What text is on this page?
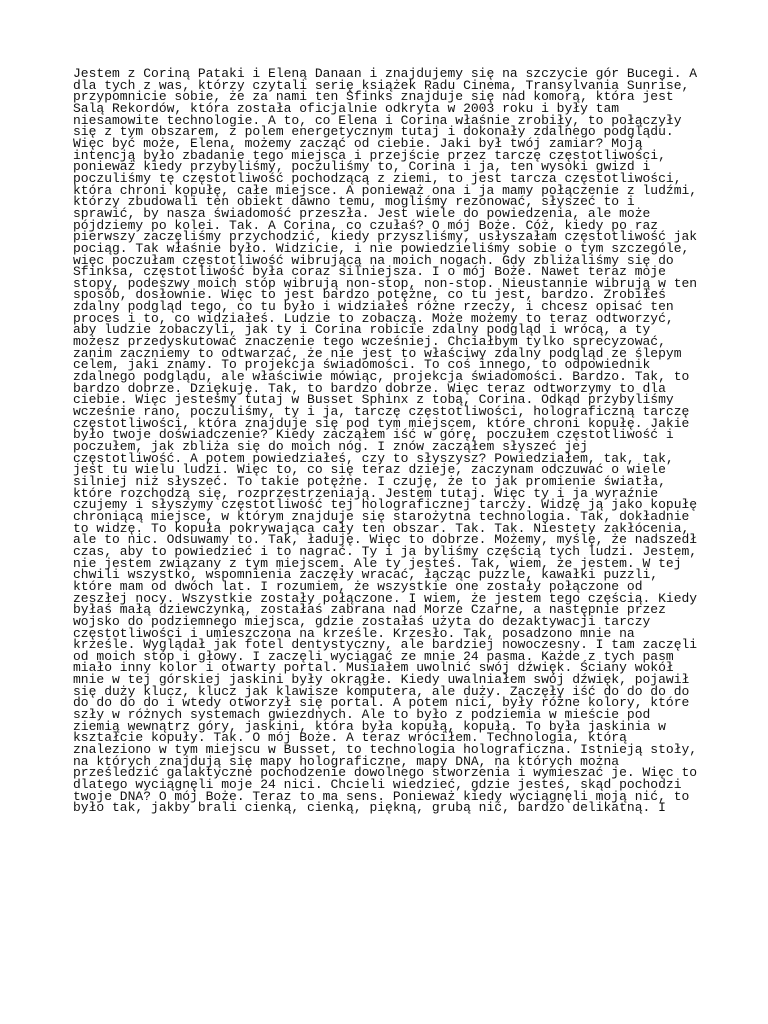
Jestem z Coriną Pataki i Eleną Danaan i znajdujemy się na szczycie gór Bucegi. A
dla tych z was, którzy czytali serię książek Radu Cinema, Transylvania Sunrise,
przypomnicie sobie, że za nami ten Sfinks znajduje się nad komorą, która jest
Salą Rekordów, która została oficjalnie odkryta w 2003 roku i były tam
niesamowite technologie. A to, co Elena i Corina właśnie zrobiły, to połączyły
się z tym obszarem, z polem energetycznym tutaj i dokonały zdalnego podglądu.
Więc być może, Elena, możemy zacząć od ciebie. Jaki był twój zamiar? Moją
intencją było zbadanie tego miejsca i przejście przez tarczę częstotliwości,
ponieważ kiedy przybyliśmy, poczuliśmy to, Corina i ja, ten wysoki gwizd i
poczuliśmy tę częstotliwość pochodzącą z ziemi, to jest tarcza częstotliwości,
która chroni kopułę, całe miejsce. A ponieważ ona i ja mamy połączenie z ludźmi,
którzy zbudowali ten obiekt dawno temu, mogliśmy rezonować, słyszeć to i
sprawić, by nasza świadomość przeszła. Jest wiele do powiedzenia, ale może
pójdziemy po kolei. Tak. A Corina, co czułaś? O mój Boże. Cóż, kiedy po raz
pierwszy zaczęliśmy przychodzić, kiedy przyszliśmy, usłyszałam częstotliwość jak
pociąg. Tak właśnie było. Widzicie, i nie powiedzieliśmy sobie o tym szczególe,
więc poczułam częstotliwość wibrującą na moich nogach. Gdy zbliżaliśmy się do
Sfinksa, częstotliwość była coraz silniejsza. I o mój Boże. Nawet teraz moje
stopy, podeszwy moich stóp wibrują non-stop, non-stop. Nieustannie wibrują w ten
sposób, dosłownie. Więc to jest bardzo potężne, co tu jest, bardzo. Zrobiłeś
zdalny podgląd tego, co tu było i widziałeś różne rzeczy, i chcesz opisać ten
proces i to, co widziałeś. Ludzie to zobaczą. Może możemy to teraz odtworzyć,
aby ludzie zobaczyli, jak ty i Corina robicie zdalny podgląd i wrócą, a ty
możesz przedyskutować znaczenie tego wcześniej. Chciałbym tylko sprecyzować,
zanim zaczniemy to odtwarzać, że nie jest to właściwy zdalny podgląd ze ślepym
celem, jaki znamy. To projekcja świadomości. To coś innego, to odpowiednik
zdalnego podglądu, ale właściwie mówiąc, projekcja świadomości. Bardzo. Tak, to
bardzo dobrze. Dziękuję. Tak, to bardzo dobrze. Więc teraz odtworzymy to dla
ciebie. Więc jesteśmy tutaj w Busset Sphinx z tobą, Corina. Odkąd przybyliśmy
wcześnie rano, poczuliśmy, ty i ja, tarczę częstotliwości, holograficzną tarczę
częstotliwości, która znajduje się pod tym miejscem, które chroni kopułę. Jakie
było twoje doświadczenie? Kiedy zacząłem iść w górę, poczułem częstotliwość i
poczułem, jak zbliża się do moich nóg. I znów zacząłem słyszeć jej
częstotliwość. A potem powiedziałeś, czy to słyszysz? Powiedziałem, tak, tak,
jest tu wielu ludzi. Więc to, co się teraz dzieje, zaczynam odczuwać o wiele
silniej niż słyszeć. To takie potężne. I czuję, że to jak promienie światła,
które rozchodzą się, rozprzestrzeniają. Jestem tutaj. Więc ty i ja wyraźnie
czujemy i słyszymy częstotliwość tej holograficznej tarczy. Widzę ją jako kopułę
chroniącą miejsce, w którym znajduje się starożytna technologia. Tak, dokładnie
to widzę. To kopuła pokrywająca cały ten obszar. Tak. Tak. Niestety zakłócenia,
ale to nic. Odsuwamy to. Tak, ładuję. Więc to dobrze. Możemy, myślę, że nadszedł
czas, aby to powiedzieć i to nagrać. Ty i ja byliśmy częścią tych ludzi. Jestem,
nie jestem związany z tym miejscem. Ale ty jesteś. Tak, wiem, że jestem. W tej
chwili wszystko, wspomnienia zaczęły wracać, łącząc puzzle, kawałki puzzli,
które mam od dwóch lat. I rozumiem, że wszystkie one zostały połączone od
zeszłej nocy. Wszystkie zostały połączone. I wiem, że jestem tego częścią. Kiedy
byłaś małą dziewczynką, zostałaś zabrana nad Morze Czarne, a następnie przez
wojsko do podziemnego miejsca, gdzie zostałaś użyta do dezaktywacji tarczy
częstotliwości i umieszczona na krześle. Krzesło. Tak, posadzono mnie na
krześle. Wyglądał jak fotel dentystyczny, ale bardziej nowoczesny. I tam zaczęli
od moich stóp i głowy. I zaczęli wyciągać ze mnie 24 pasma. Każde z tych pasm
miało inny kolor i otwarty portal. Musiałem uwolnić swój dźwięk. Ściany wokół
mnie w tej górskiej jaskini były okrągłe. Kiedy uwalniałem swój dźwięk, pojawił
się duży klucz, klucz jak klawisze komputera, ale duży. Zaczęły iść do do do do
do do do do i wtedy otworzył się portal. A potem nici, były różne kolory, które
szły w różnych systemach gwiezdnych. Ale to było z podziemia w mieście pod
ziemią wewnątrz góry, jaskini, która była kopułą, kopułą. To była jaskinia w
kształcie kopuły. Tak. O mój Boże. A teraz wróciłem. Technologia, którą
znaleziono w tym miejscu w Busset, to technologia holograficzna. Istnieją stoły,
na których znajdują się mapy holograficzne, mapy DNA, na których można
prześledzić galaktyczne pochodzenie dowolnego stworzenia i wymieszać je. Więc to
dlatego wyciągnęli moje 24 nici. Chcieli wiedzieć, gdzie jesteś, skąd pochodzi
twoje DNA? O mój Boże. Teraz to ma sens. Ponieważ kiedy wyciągnęli moją nić, to
było tak, jakby brali cienką, cienką, piękną, grubą nić, bardzo delikatną. I
